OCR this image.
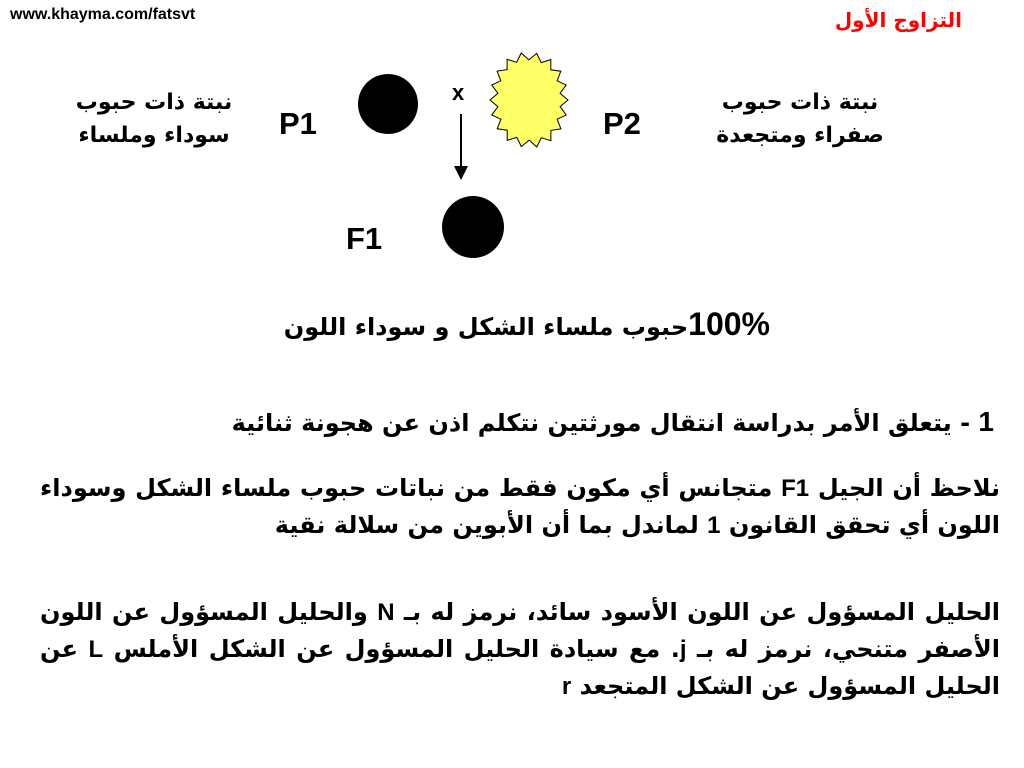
www.khayma.com/fatsvt	التزاوج الأول
x
نبتة ذات حبوب
سوداء وملساء	P1	P2
نبتة ذات حبوب
صفراء ومتجعدة
F1
100%حبوب ملساء الشكل و سوداء اللون
1 - يتعلق الأمر بدراسة انتقال مورثتين نتكلم اذن عن هجونة ثنائية
نلاحظ أن الجيل F1 متجانس أي مكون فقط من نباتات حبوب ملساء الشكل وسوداء اللون أي تحقق القانون 1 لماندل بما أن الأبوين من سلالة نقية
الحليل المسؤول عن اللون الأسود سائد، نرمز له بـ N والحليل المسؤول عن اللون الأصفر متنحي، نرمز له بـ j. مع سيادة الحليل المسؤول عن الشكل الأملس L عن الحليل المسؤول عن الشكل المتجعد r
